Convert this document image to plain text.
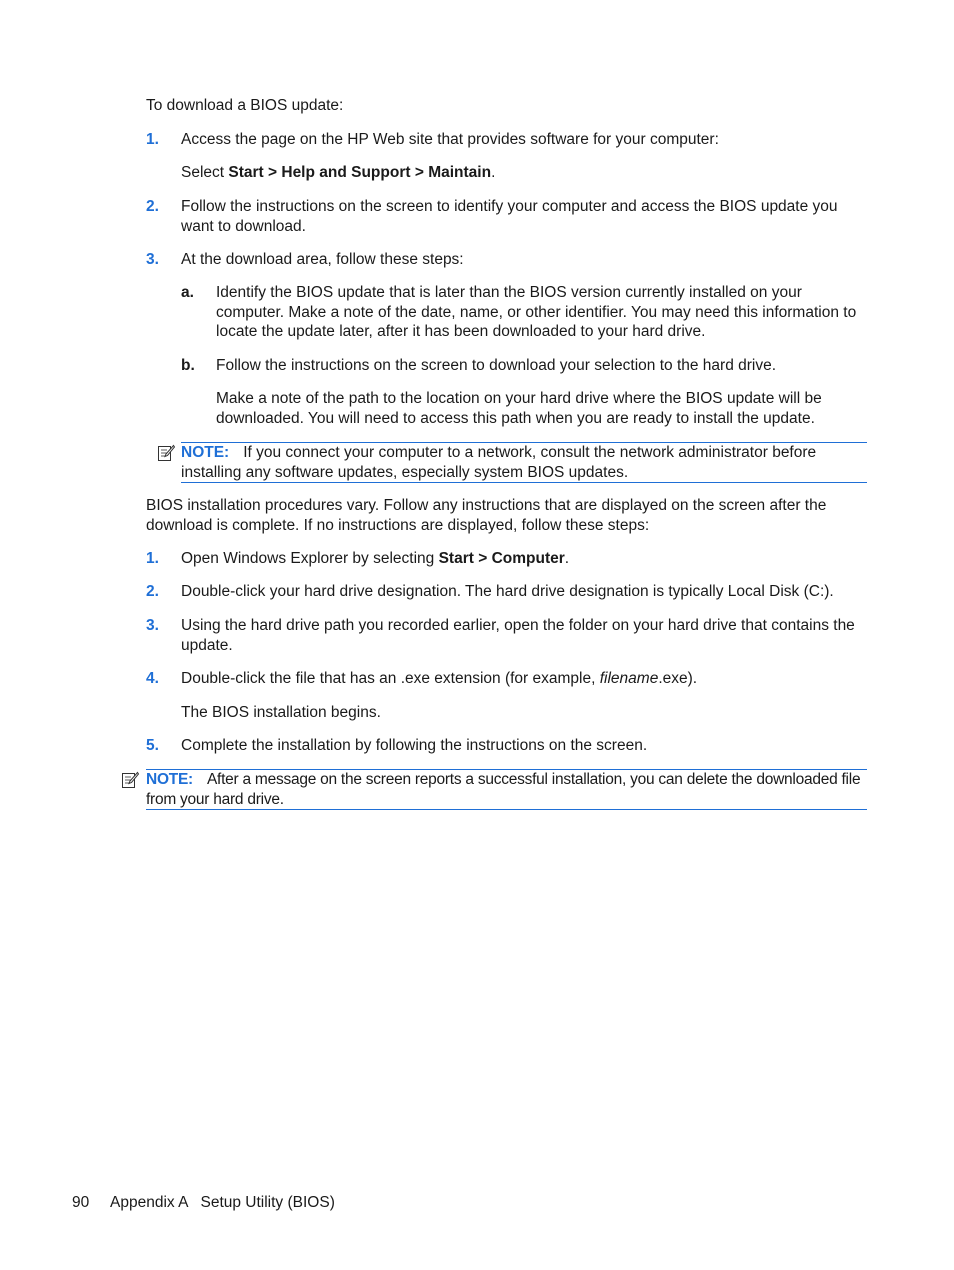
To download a BIOS update:

1. Access the page on the HP Web site that provides software for your computer:

Select Start > Help and Support > Maintain.

2. Follow the instructions on the screen to identify your computer and access the BIOS update you want to download.

3. At the download area, follow these steps:

a. Identify the BIOS update that is later than the BIOS version currently installed on your computer. Make a note of the date, name, or other identifier. You may need this information to locate the update later, after it has been downloaded to your hard drive.

b. Follow the instructions on the screen to download your selection to the hard drive.

Make a note of the path to the location on your hard drive where the BIOS update will be downloaded. You will need to access this path when you are ready to install the update.

NOTE: If you connect your computer to a network, consult the network administrator before installing any software updates, especially system BIOS updates.

BIOS installation procedures vary. Follow any instructions that are displayed on the screen after the download is complete. If no instructions are displayed, follow these steps:

1. Open Windows Explorer by selecting Start > Computer.

2. Double-click your hard drive designation. The hard drive designation is typically Local Disk (C:).

3. Using the hard drive path you recorded earlier, open the folder on your hard drive that contains the update.

4. Double-click the file that has an .exe extension (for example, filename.exe).

The BIOS installation begins.

5. Complete the installation by following the instructions on the screen.

NOTE: After a message on the screen reports a successful installation, you can delete the downloaded file from your hard drive.
90 Appendix A   Setup Utility (BIOS)
